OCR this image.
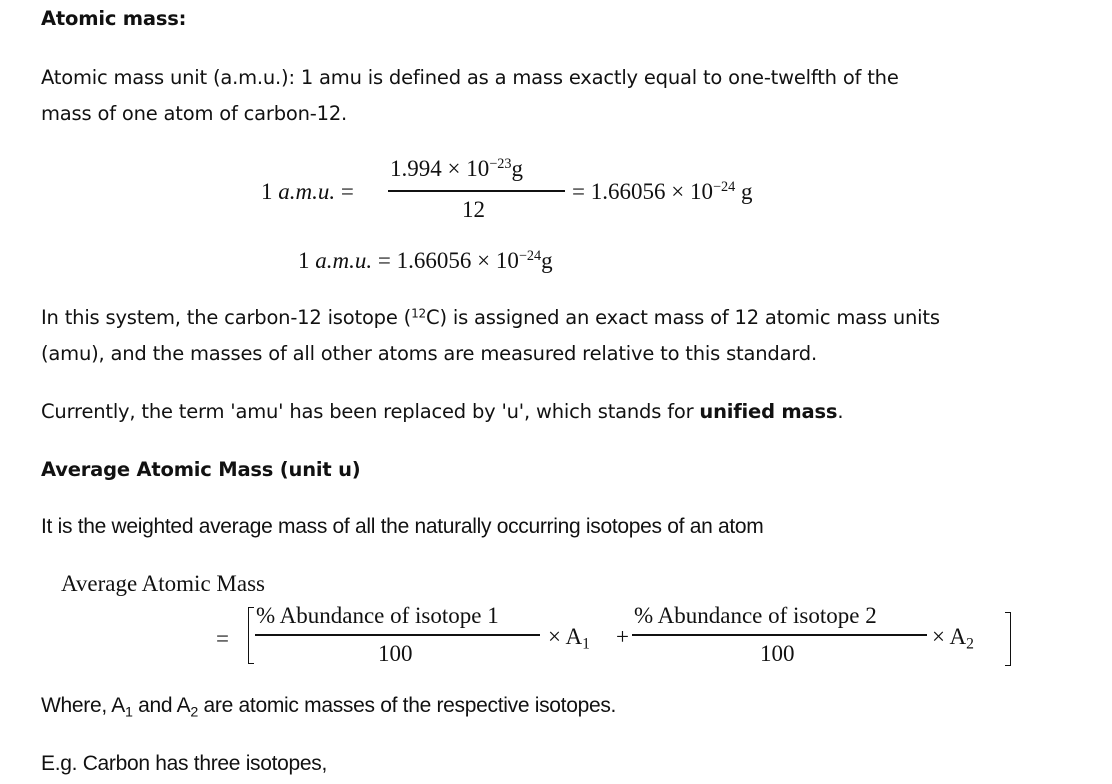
Atomic mass:
Atomic mass unit (a.m.u.): 1 amu is defined as a mass exactly equal to one-twelfth of the
mass of one atom of carbon-12.
1 a.m.u. =
$1.994 \times 10^{-23}g$
12
= $1.66056 \times 10^{-24}$ g
1 a.m.u. = $1.66056 \times 10^{-24}g$
In this system, the carbon-12 isotope ($^{12}$C) is assigned an exact mass of 12 atomic mass units
(amu), and the masses of all other atoms are measured relative to this standard.
Currently, the term 'amu' has been replaced by 'u', which stands for unified mass.
Average Atomic Mass (unit u)
It is the weighted average mass of all the naturally occurring isotopes of an atom
Average Atomic Mass
=
% Abundance of isotope 1
100
× $A_1$ +
% Abundance of isotope 2
100
× $A_2$
Where, $A_1$ and $A_2$ are atomic masses of the respective isotopes.
E.g. Carbon has three isotopes,
